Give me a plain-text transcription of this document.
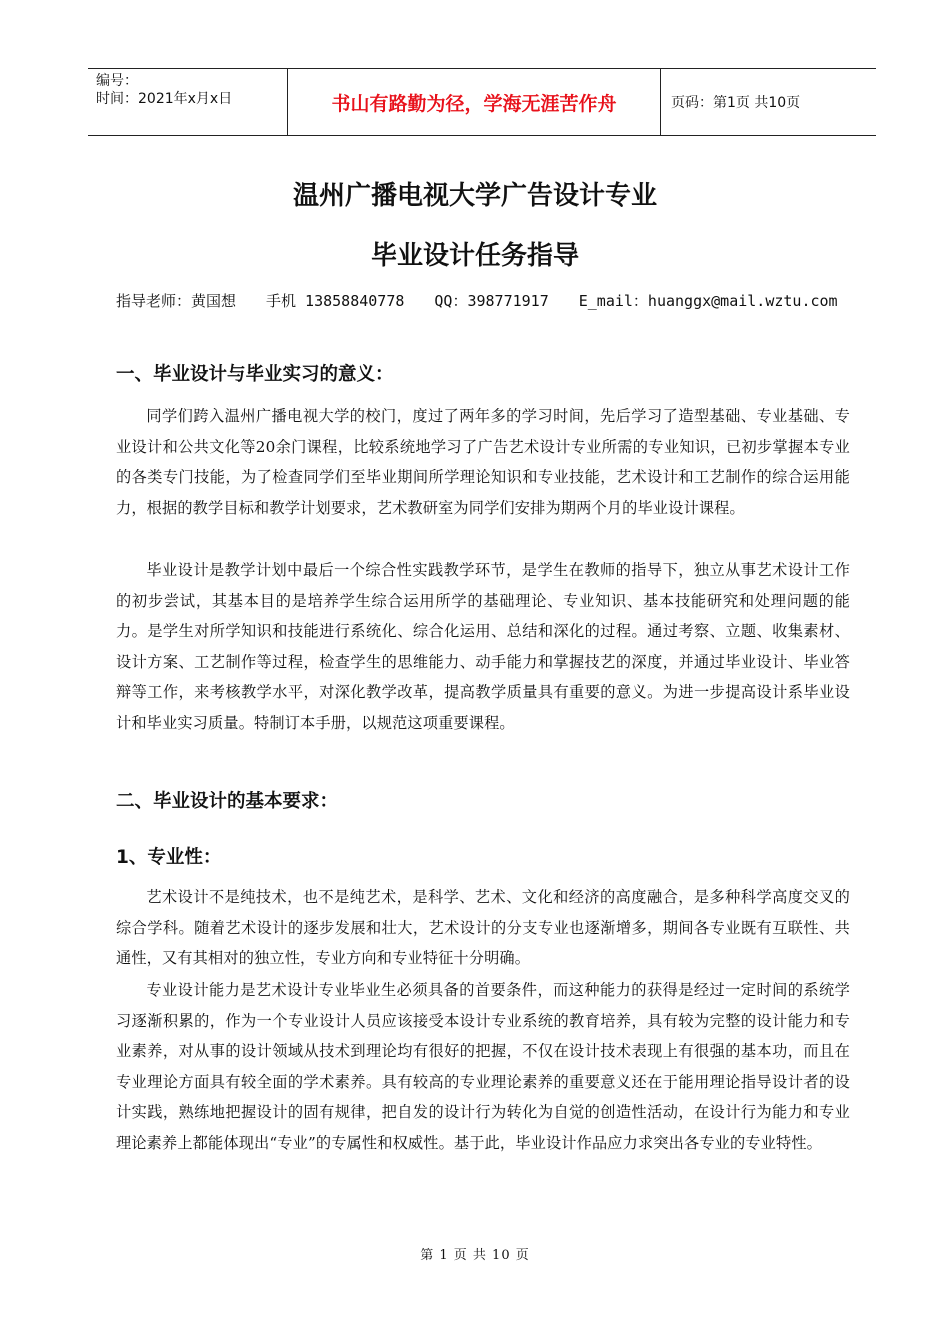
编号：
时间：2021年x月x日	书山有路勤为径，学海无涯苦作舟	页码：第1页 共10页
温州广播电视大学广告设计专业
毕业设计任务指导
指导老师：黄国想 手机 13858840778 QQ：398771917 E_mail：huanggx@mail.wztu.com
一、毕业设计与毕业实习的意义：

同学们跨入温州广播电视大学的校门，度过了两年多的学习时间，先后学习了造型基础、专业基础、专业设计和公共文化等20余门课程，比较系统地学习了广告艺术设计专业所需的专业知识，已初步掌握本专业的各类专门技能，为了检查同学们至毕业期间所学理论知识和专业技能，艺术设计和工艺制作的综合运用能力，根据的教学目标和教学计划要求，艺术教研室为同学们安排为期两个月的毕业设计课程。

毕业设计是教学计划中最后一个综合性实践教学环节，是学生在教师的指导下，独立从事艺术设计工作的初步尝试，其基本目的是培养学生综合运用所学的基础理论、专业知识、基本技能研究和处理问题的能力。是学生对所学知识和技能进行系统化、综合化运用、总结和深化的过程。通过考察、立题、收集素材、设计方案、工艺制作等过程，检查学生的思维能力、动手能力和掌握技艺的深度，并通过毕业设计、毕业答辩等工作，来考核教学水平，对深化教学改革，提高教学质量具有重要的意义。为进一步提高设计系毕业设计和毕业实习质量。特制订本手册，以规范这项重要课程。

二、毕业设计的基本要求：
1、专业性：

艺术设计不是纯技术，也不是纯艺术，是科学、艺术、文化和经济的高度融合，是多种科学高度交叉的综合学科。随着艺术设计的逐步发展和壮大，艺术设计的分支专业也逐渐增多，期间各专业既有互联性、共通性，又有其相对的独立性，专业方向和专业特征十分明确。

专业设计能力是艺术设计专业毕业生必须具备的首要条件，而这种能力的获得是经过一定时间的系统学习逐渐积累的，作为一个专业设计人员应该接受本设计专业系统的教育培养，具有较为完整的设计能力和专业素养，对从事的设计领域从技术到理论均有很好的把握，不仅在设计技术表现上有很强的基本功，而且在专业理论方面具有较全面的学术素养。具有较高的专业理论素养的重要意义还在于能用理论指导设计者的设计实践，熟练地把握设计的固有规律，把自发的设计行为转化为自觉的创造性活动，在设计行为能力和专业理论素养上都能体现出“专业”的专属性和权威性。基于此，毕业设计作品应力求突出各专业的专业特性。

第 1 页 共 10 页
